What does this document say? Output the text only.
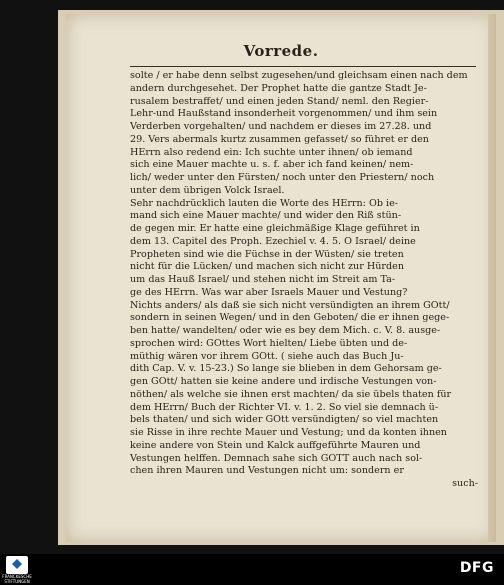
Vorrede.
solte / er habe denn selbst zugesehen/und gleichsam einen nach dem
andern durchgesehet. Der Prophet hatte die gantze Stadt Je-
rusalem bestraffet/ und einen jeden Stand/ neml. den Regier-
Lehr-und Haußstand insonderheit vorgenommen/ und ihm sein
Verderben vorgehalten/ und nachdem er dieses im 27.28. und
29. Vers abermals kurtz zusammen gefasset/ so führet er den
HErrn also redend ein: Ich suchte unter ihnen/ ob iemand
sich eine Mauer machte u. s. f. aber ich fand keinen/ nem-
lich/ weder unter den Fürsten/ noch unter den Priestern/ noch
unter dem übrigen Volck Israel.
Sehr nachdrücklich lauten die Worte des HErrn: Ob ie-
mand sich eine Mauer machte/ und wider den Riß stün-
de gegen mir. Er hatte eine gleichmäßige Klage geführet in
dem 13. Capitel des Proph. Ezechiel v. 4. 5. O Israel/ deine
Propheten sind wie die Füchse in der Wüsten/ sie treten
nicht für die Lücken/ und machen sich nicht zur Hürden
um das Hauß Israel/ und stehen nicht im Streit am Ta-
ge des HErrn. Was war aber Israels Mauer und Vestung?
Nichts anders/ als daß sie sich nicht versündigten an ihrem GOtt/
sondern in seinen Wegen/ und in den Geboten/ die er ihnen gege-
ben hatte/ wandelten/ oder wie es bey dem Mich. c. V. 8. ausge-
sprochen wird: GOttes Wort hielten/ Liebe übten und de-
müthig wären vor ihrem GOtt. ( siehe auch das Buch Ju-
dith Cap. V. v. 15-23.) So lange sie blieben in dem Gehorsam ge-
gen GOtt/ hatten sie keine andere und irdische Vestungen von-
nöthen/ als welche sie ihnen erst machten/ da sie übels thaten für
dem HErrn/ Buch der Richter VI. v. 1. 2. So viel sie demnach ü-
bels thaten/ und sich wider GOtt versündigten/ so viel machten
sie Risse in ihre rechte Mauer und Vestung; und da konten ihnen
keine andere von Stein und Kalck auffgeführte Mauren und
Vestungen helffen. Demnach sahe sich GOTT auch nach sol-
chen ihren Mauren und Vestungen nicht um: sondern er
such-
FRANCKESCHE STIFTUNGEN
DFG
